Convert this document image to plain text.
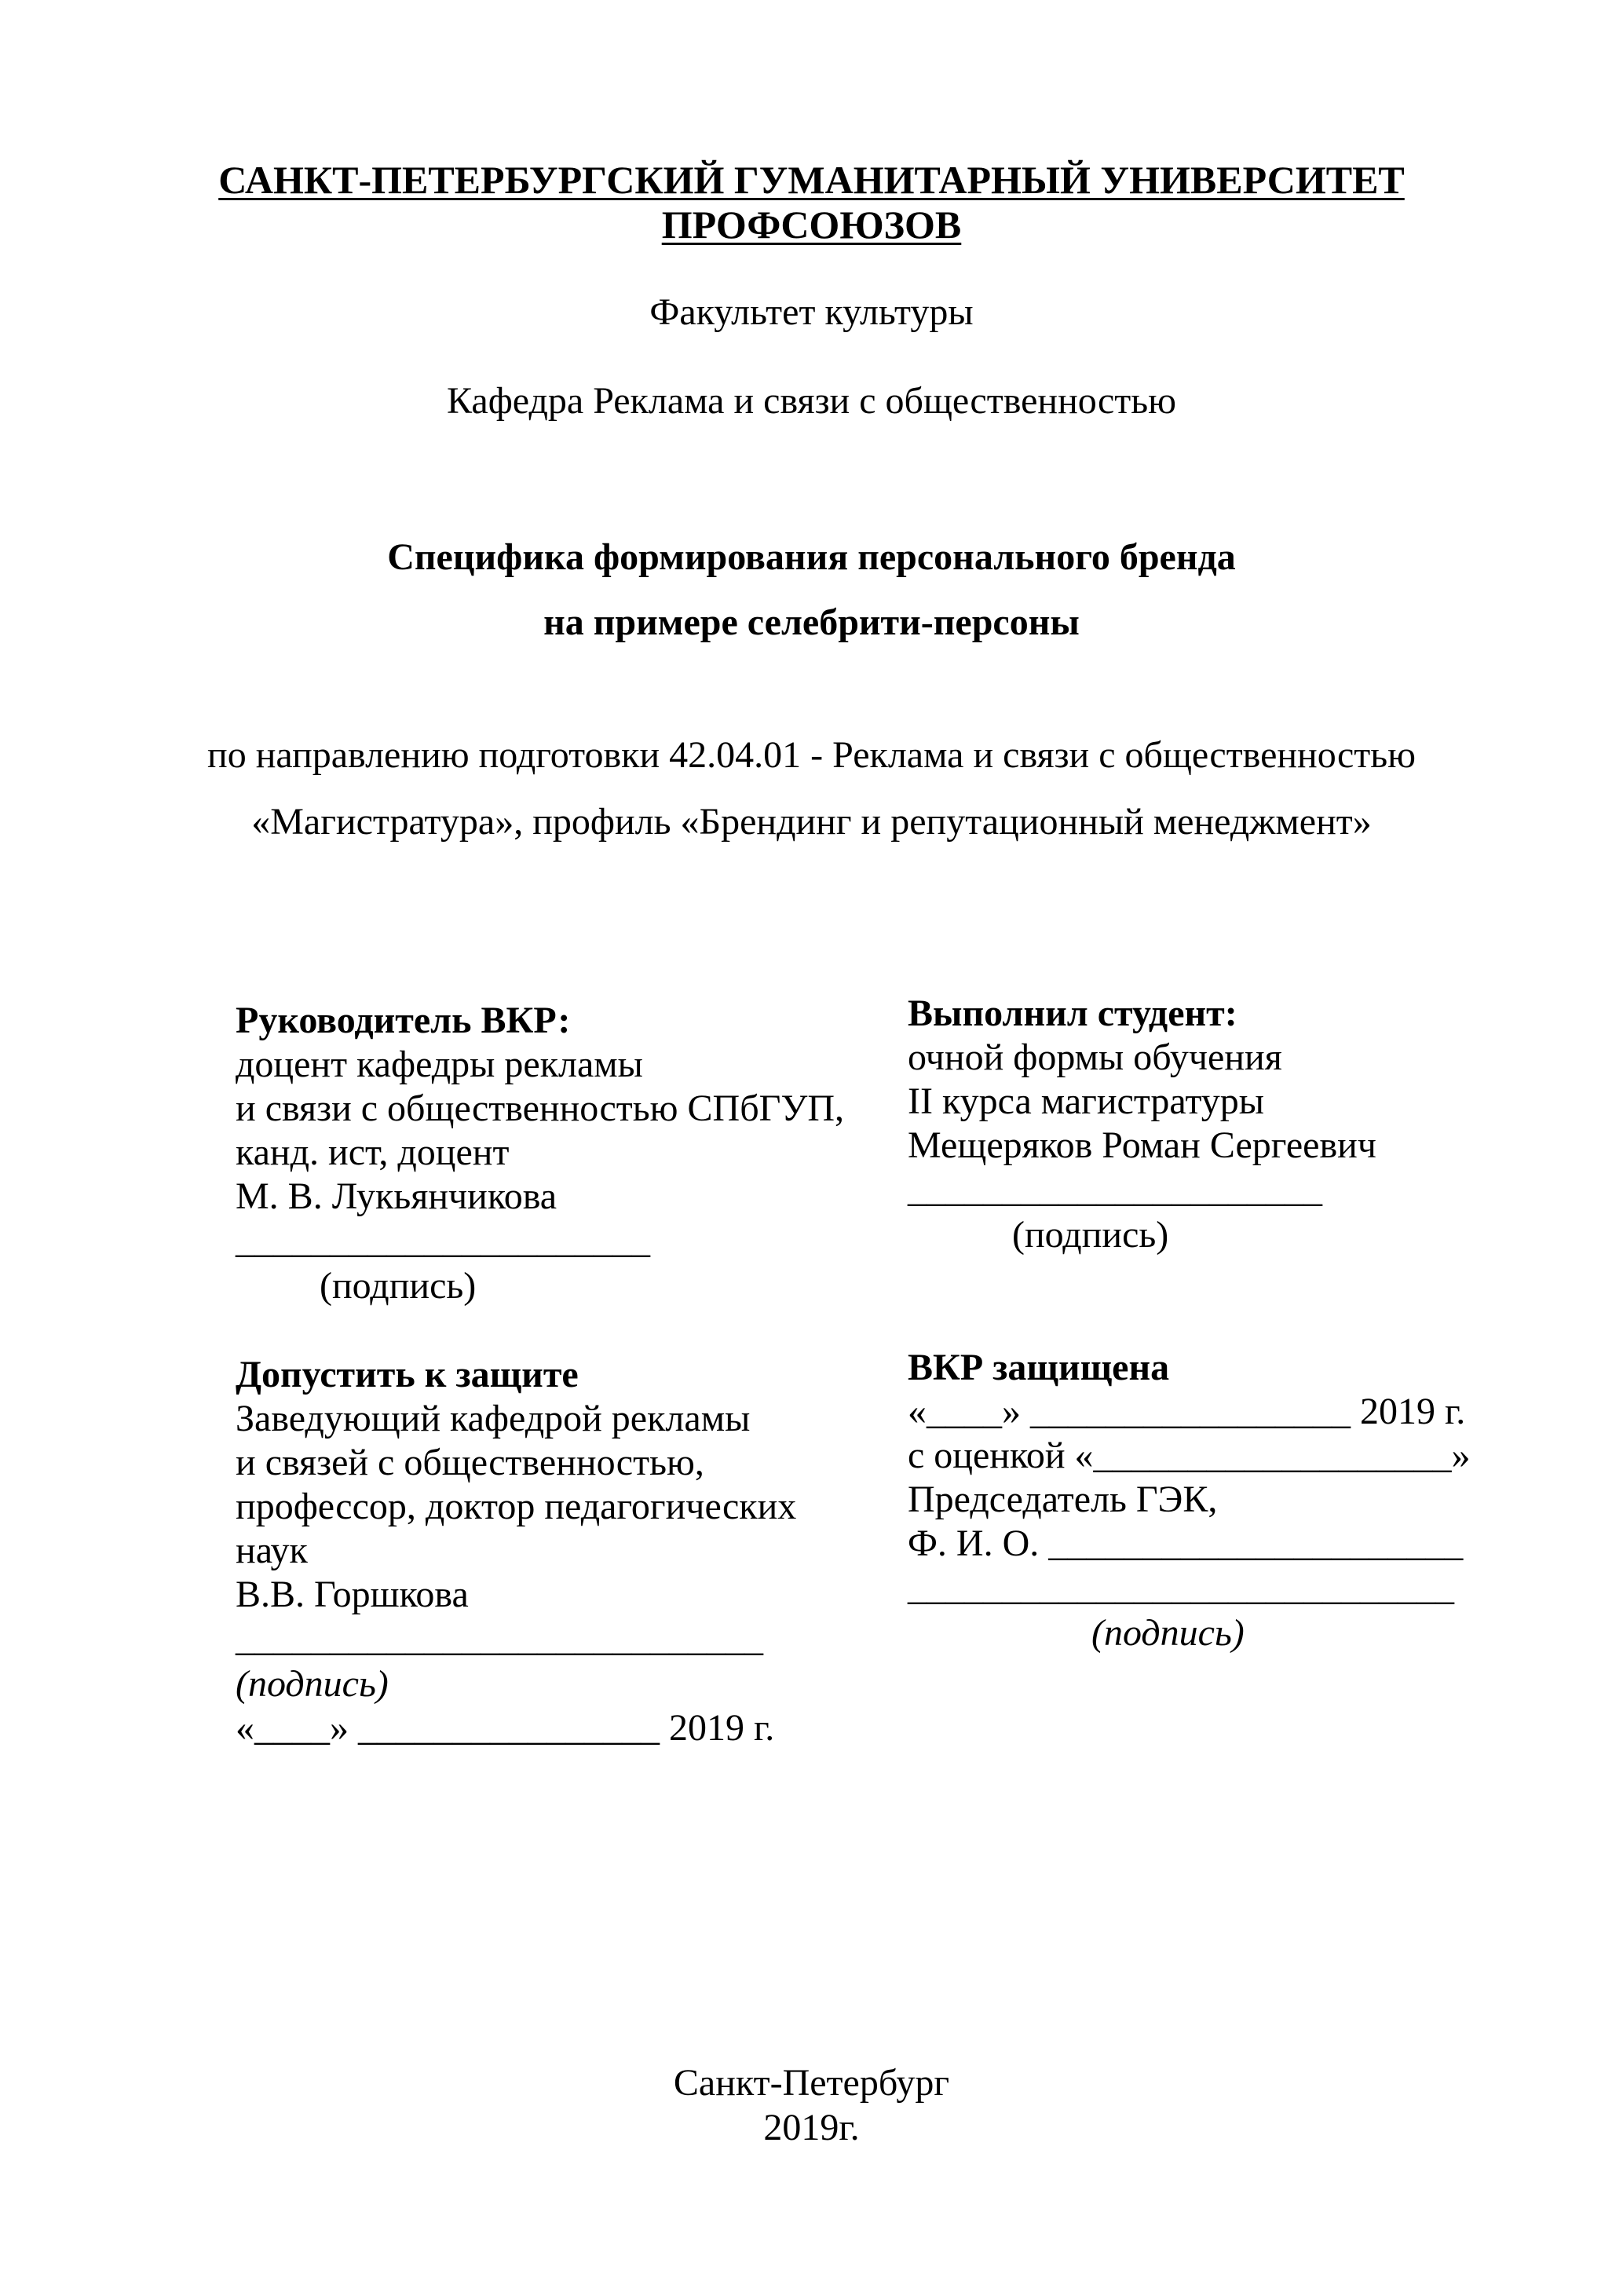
САНКТ-ПЕТЕРБУРГСКИЙ ГУМАНИТАРНЫЙ УНИВЕРСИТЕТ
ПРОФСОЮЗОВ
Факультет культуры
Кафедра Реклама и связи с общественностью
Специфика формирования персонального бренда
на примере селебрити-персоны
по направлению подготовки 42.04.01 - Реклама и связи с общественностью
«Магистратура», профиль «Брендинг и репутационный менеджмент»
Руководитель ВКР:
доцент кафедры рекламы
и связи с общественностью СПбГУП,
канд. ист, доцент
М. В. Лукьянчикова
______________________
(подпись)
Выполнил студент:
очной формы обучения
II курса магистратуры
Мещеряков Роман Сергеевич
______________________
(подпись)
Допустить к защите
Заведующий кафедрой рекламы
и связей с общественностью,
профессор, доктор педагогических
наук
В.В. Горшкова
____________________________
(подпись)
«____» ________________ 2019 г.
ВКР защищена
«____» _________________ 2019 г.
с оценкой «___________________»
Председатель ГЭК,
Ф. И. О. ______________________
_____________________________
(подпись)
Санкт-Петербург
2019г.
